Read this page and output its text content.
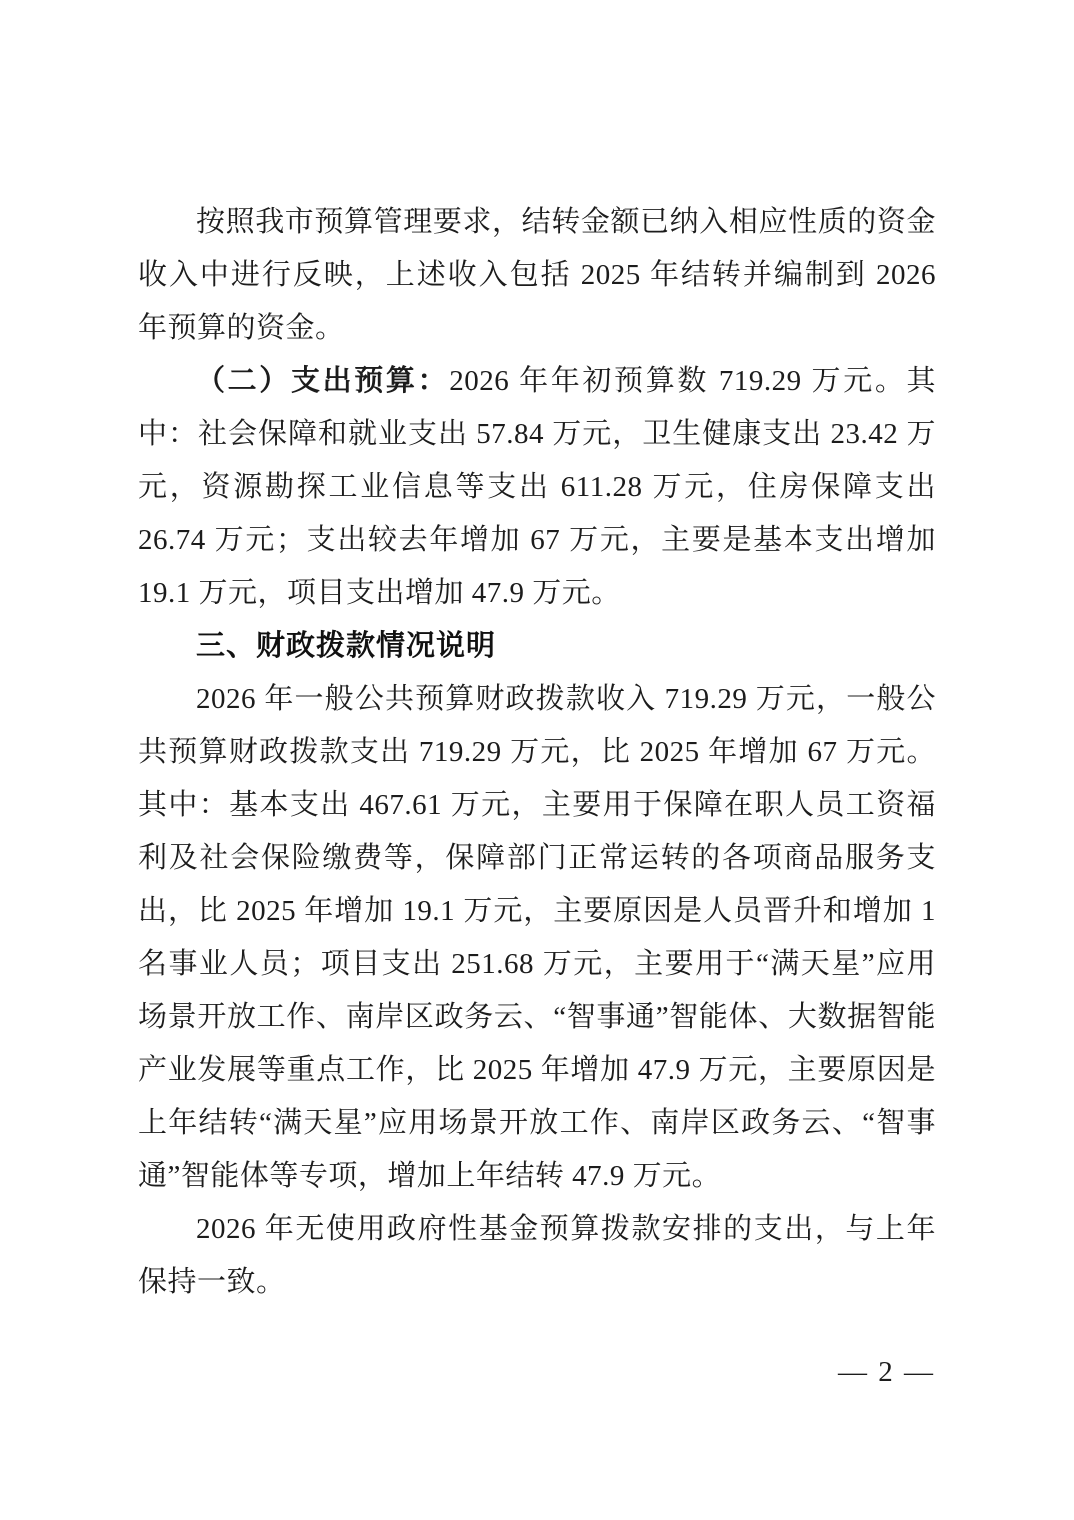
按照我市预算管理要求，结转金额已纳入相应性质的资金收入中进行反映，上述收入包括 2025 年结转并编制到 2026 年预算的资金。

（二）支出预算：2026 年年初预算数 719.29 万元。其中：社会保障和就业支出 57.84 万元，卫生健康支出 23.42 万元，资源勘探工业信息等支出 611.28 万元，住房保障支出 26.74 万元；支出较去年增加 67 万元，主要是基本支出增加 19.1 万元，项目支出增加 47.9 万元。

三、财政拨款情况说明

2026 年一般公共预算财政拨款收入 719.29 万元，一般公共预算财政拨款支出 719.29 万元，比 2025 年增加 67 万元。其中：基本支出 467.61 万元，主要用于保障在职人员工资福利及社会保险缴费等，保障部门正常运转的各项商品服务支出，比 2025 年增加 19.1 万元，主要原因是人员晋升和增加 1 名事业人员；项目支出 251.68 万元，主要用于“满天星”应用场景开放工作、南岸区政务云、“智事通”智能体、大数据智能产业发展等重点工作，比 2025 年增加 47.9 万元，主要原因是上年结转“满天星”应用场景开放工作、南岸区政务云、“智事通”智能体等专项，增加上年结转 47.9 万元。

2026 年无使用政府性基金预算拨款安排的支出，与上年保持一致。

— 2 —
